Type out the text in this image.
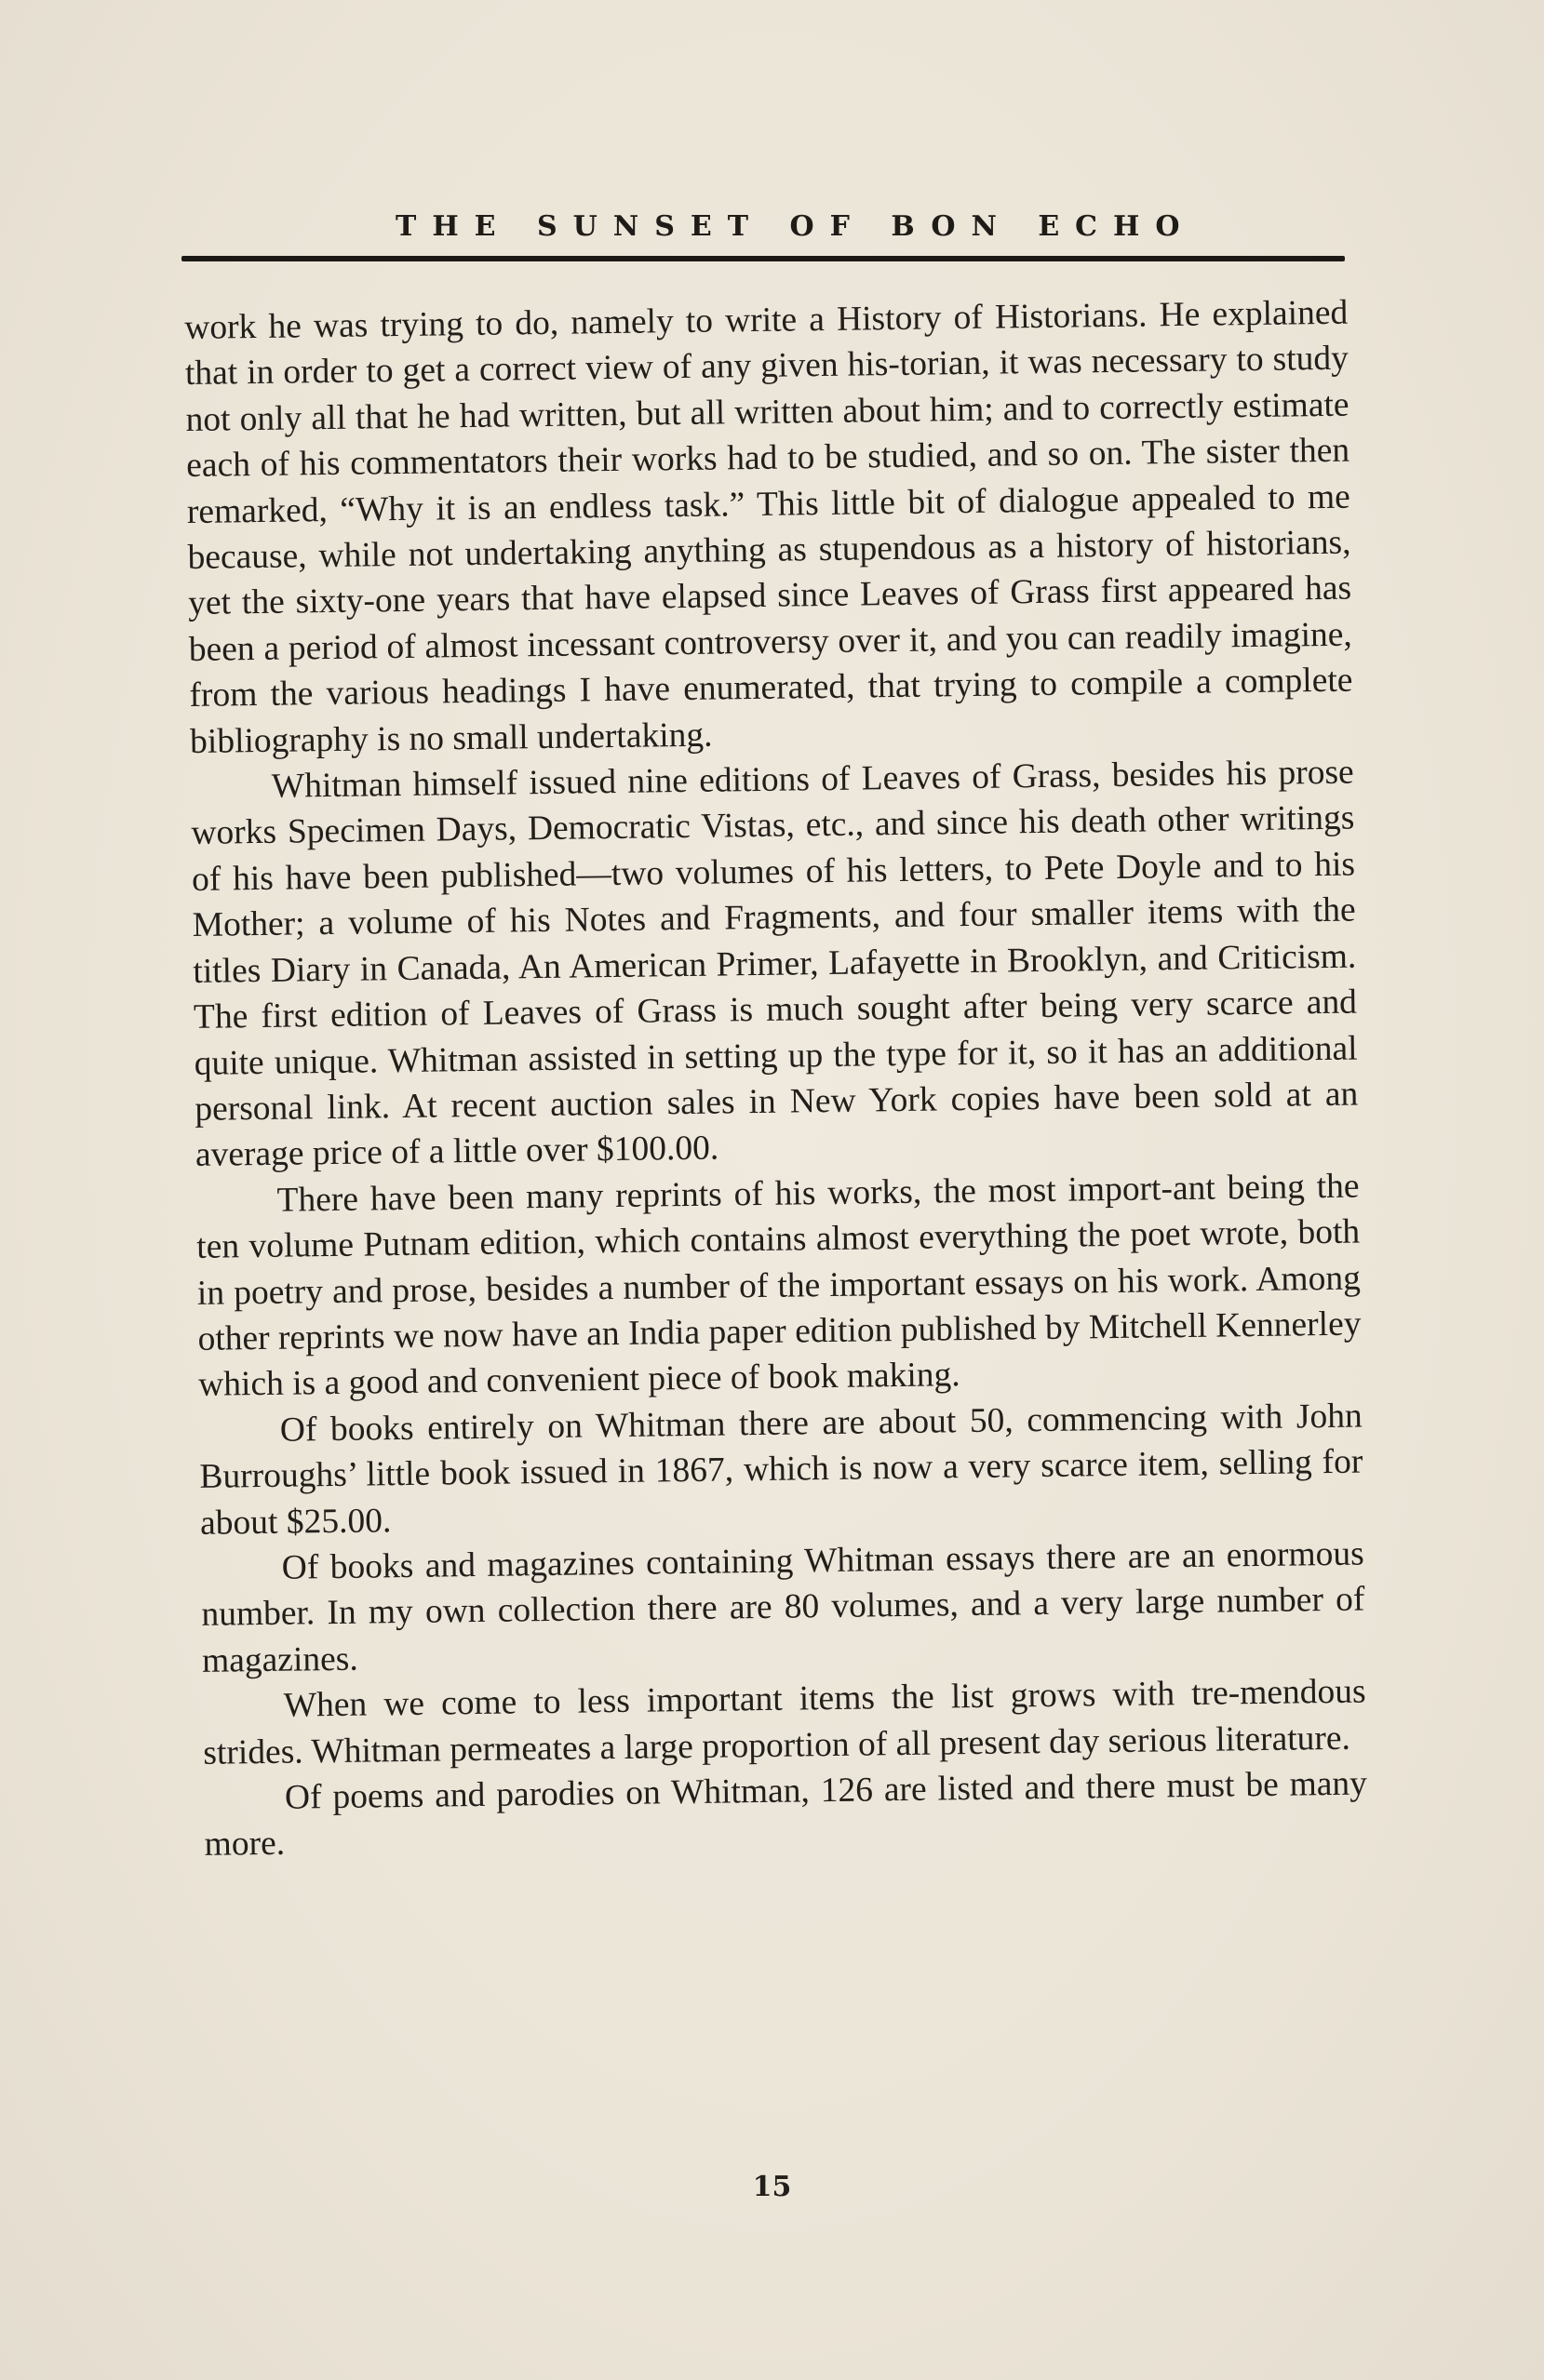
THE SUNSET OF BON ECHO

work he was trying to do, namely to write a History of Historians. He explained that in order to get a correct view of any given his-torian, it was necessary to study not only all that he had written, but all written about him; and to correctly estimate each of his commentators their works had to be studied, and so on. The sister then remarked, “Why it is an endless task.” This little bit of dialogue appealed to me because, while not undertaking anything as stupendous as a history of historians, yet the sixty-one years that have elapsed since Leaves of Grass first appeared has been a period of almost incessant controversy over it, and you can readily imagine, from the various headings I have enumerated, that trying to compile a complete bibliography is no small undertaking.

Whitman himself issued nine editions of Leaves of Grass, besides his prose works Specimen Days, Democratic Vistas, etc., and since his death other writings of his have been published—two volumes of his letters, to Pete Doyle and to his Mother; a volume of his Notes and Fragments, and four smaller items with the titles Diary in Canada, An American Primer, Lafayette in Brooklyn, and Criticism. The first edition of Leaves of Grass is much sought after being very scarce and quite unique. Whitman assisted in setting up the type for it, so it has an additional personal link. At recent auction sales in New York copies have been sold at an average price of a little over $100.00.

There have been many reprints of his works, the most import-ant being the ten volume Putnam edition, which contains almost everything the poet wrote, both in poetry and prose, besides a number of the important essays on his work. Among other reprints we now have an India paper edition published by Mitchell Kennerley which is a good and convenient piece of book making.

Of books entirely on Whitman there are about 50, commencing with John Burroughs’ little book issued in 1867, which is now a very scarce item, selling for about $25.00.

Of books and magazines containing Whitman essays there are an enormous number. In my own collection there are 80 volumes, and a very large number of magazines.

When we come to less important items the list grows with tre-mendous strides. Whitman permeates a large proportion of all present day serious literature.

Of poems and parodies on Whitman, 126 are listed and there must be many more.

15
